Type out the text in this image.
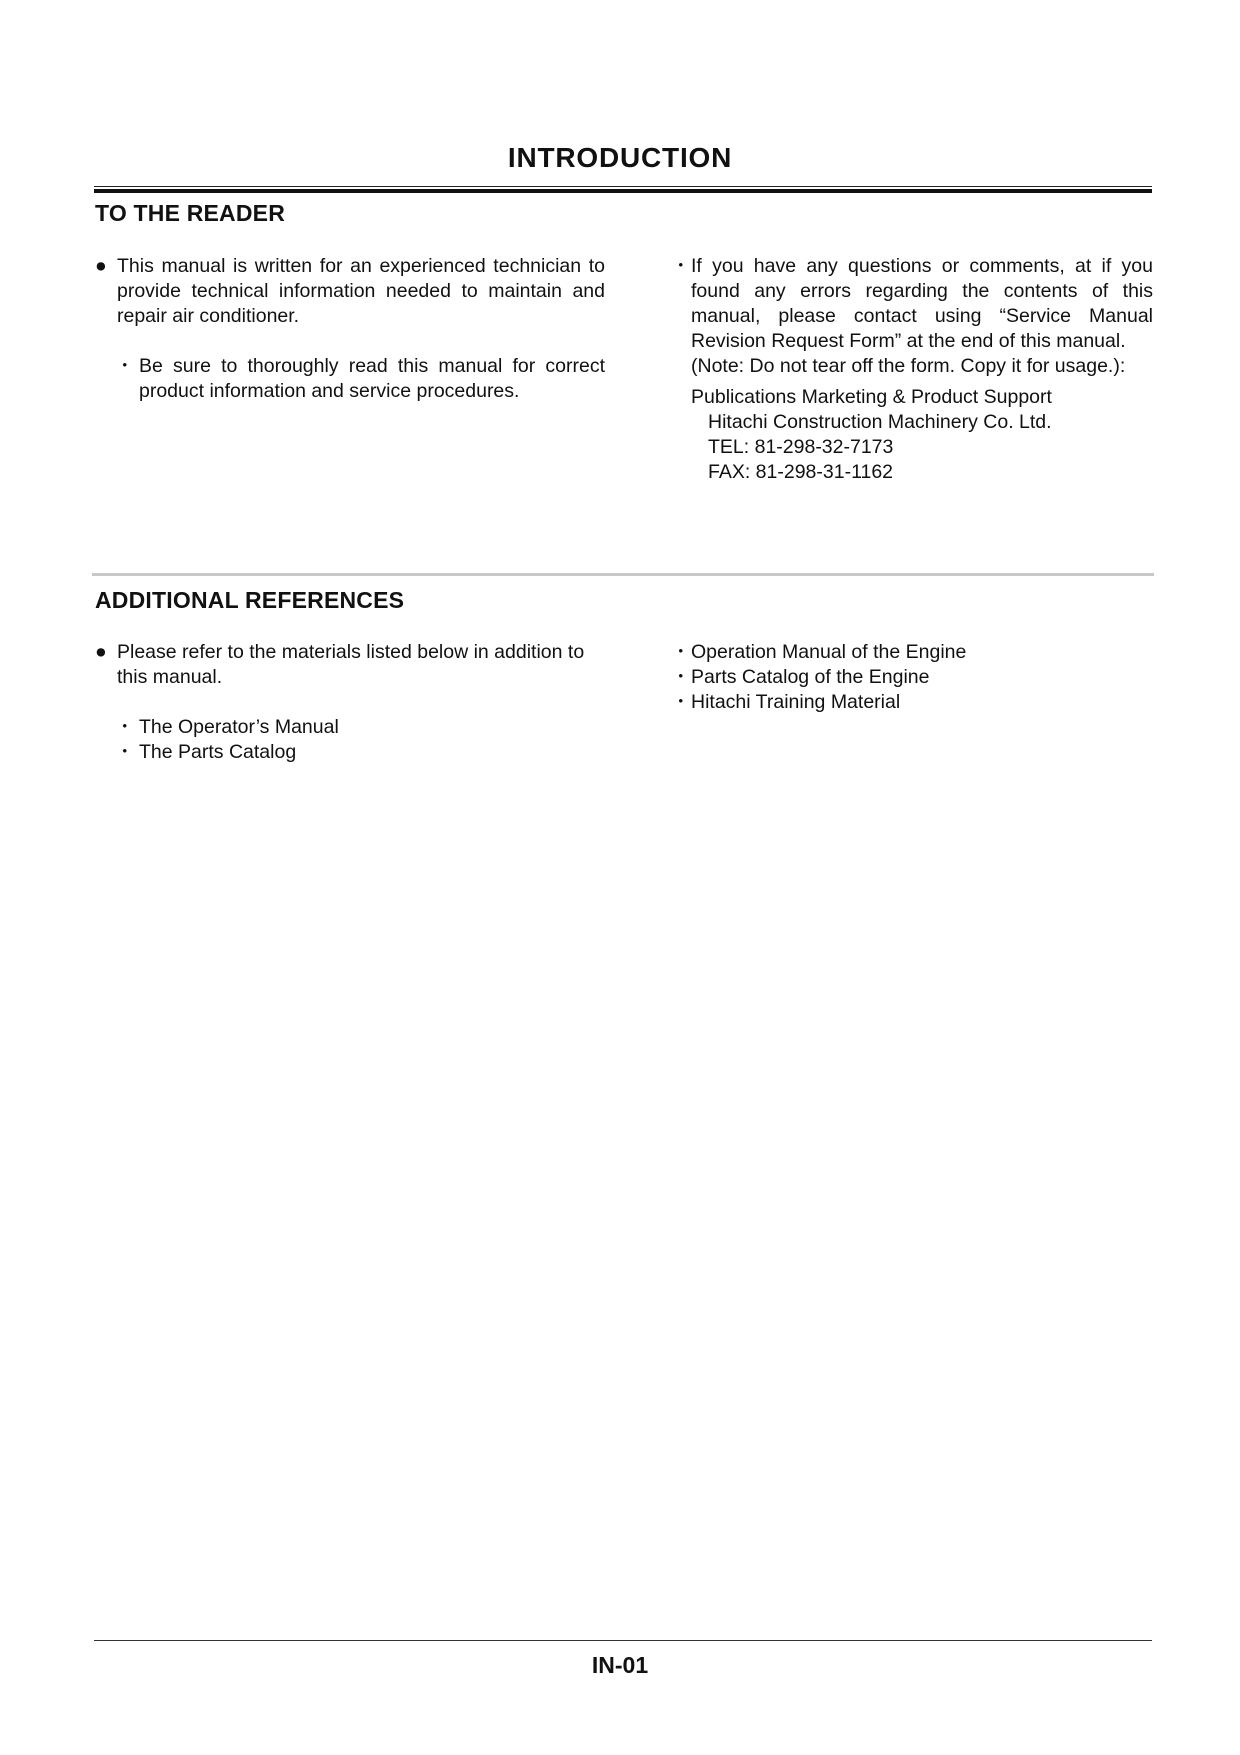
INTRODUCTION
TO THE READER
● This manual is written for an experienced technician to provide technical information needed to maintain and repair air conditioner.
・ Be sure to thoroughly read this manual for correct product information and service procedures.
・ If you have any questions or comments, at if you found any errors regarding the contents of this manual, please contact using “Service Manual Revision Request Form” at the end of this manual.
(Note: Do not tear off the form. Copy it for usage.):
Publications Marketing & Product Support
Hitachi Construction Machinery Co. Ltd.
TEL: 81-298-32-7173
FAX: 81-298-31-1162
ADDITIONAL REFERENCES
● Please refer to the materials listed below in addition to this manual.
・ The Operator’s Manual
・ The Parts Catalog
・ Operation Manual of the Engine
・ Parts Catalog of the Engine
・ Hitachi Training Material
IN-01
